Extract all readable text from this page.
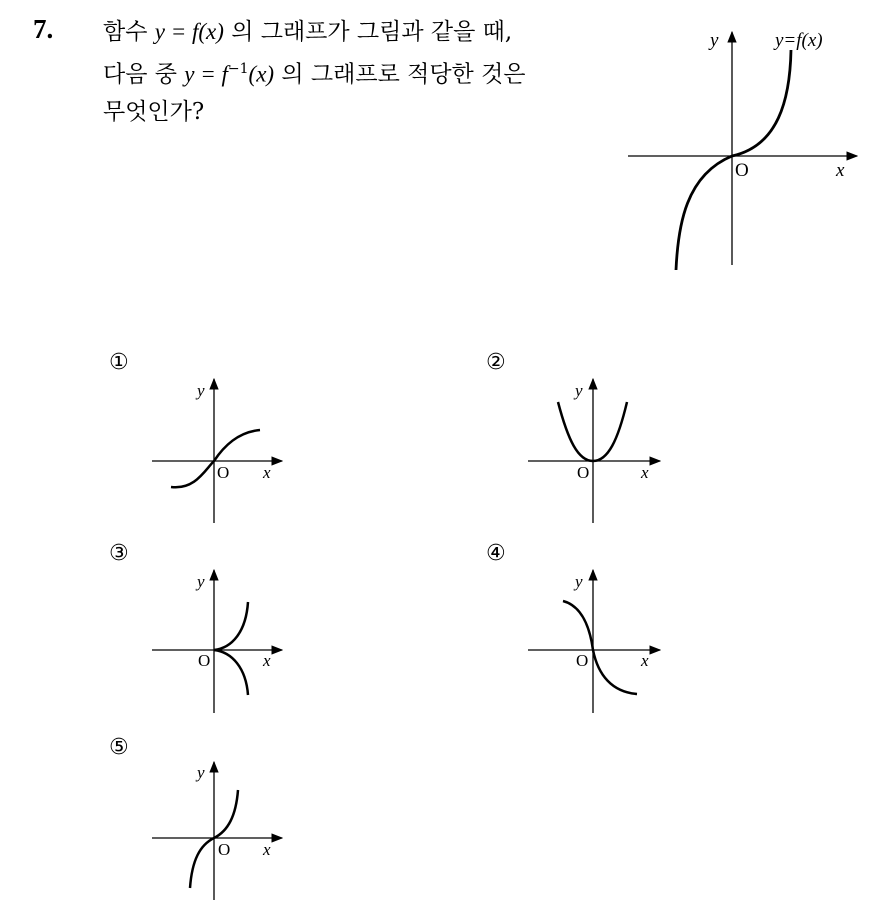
7. 함수 y = f(x) 의 그래프가 그림과 같을 때,
다음 중 $y = f^{-1}(x)$ 의 그래프로 적당한 것은
무엇인가?
y	y=f(x)
O	x
①	②
③	④
⑤
y
O x
y
O	x
y
O	x
y
O	x
y
O x
